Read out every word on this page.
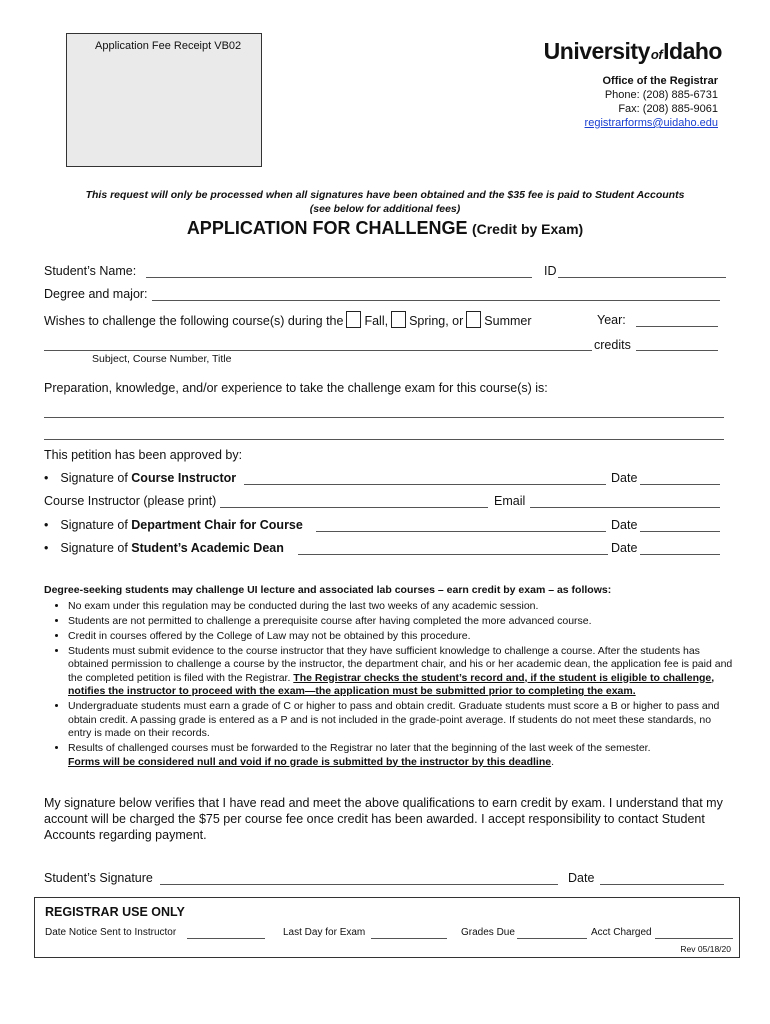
Application Fee Receipt VB02	UniversityofIdaho
Office of the Registrar
Phone: (208) 885-6731
Fax: (208) 885-9061
registrarforms@uidaho.edu
This request will only be processed when all signatures have been obtained and the $35 fee is paid to Student Accounts
(see below for additional fees)
APPLICATION FOR CHALLENGE (Credit by Exam)
Student’s Name:	ID
Degree and major:
Wishes to challenge the following course(s) during the Fall, Spring, or Summer	Year:
credits
Subject, Course Number, Title
Preparation, knowledge, and/or experience to take the challenge exam for this course(s) is:
This petition has been approved by:
• Signature of Course Instructor	Date
Course Instructor (please print)	Email
• Signature of Department Chair for Course	Date
• Signature of Student’s Academic Dean	Date
Degree-seeking students may challenge UI lecture and associated lab courses – earn credit by exam – as follows:
• No exam under this regulation may be conducted during the last two weeks of any academic session.
• Students are not permitted to challenge a prerequisite course after having completed the more advanced course.
• Credit in courses offered by the College of Law may not be obtained by this procedure.
• Students must submit evidence to the course instructor that they have sufficient knowledge to challenge a course. After the students has obtained permission to challenge a course by the instructor, the department chair, and his or her academic dean, the application fee is paid and the completed petition is filed with the Registrar. The Registrar checks the student’s record and, if the student is eligible to challenge, notifies the instructor to proceed with the exam—the application must be submitted prior to completing the exam.
• Undergraduate students must earn a grade of C or higher to pass and obtain credit. Graduate students must score a B or higher to pass and obtain credit. A passing grade is entered as a P and is not included in the grade-point average. If students do not meet these standards, no entry is made on their records.
• Results of challenged courses must be forwarded to the Registrar no later that the beginning of the last week of the semester.
Forms will be considered null and void if no grade is submitted by the instructor by this deadline.
My signature below verifies that I have read and meet the above qualifications to earn credit by exam. I understand that my account will be charged the $75 per course fee once credit has been awarded. I accept responsibility to contact Student Accounts regarding payment.
Student’s Signature	Date
REGISTRAR USE ONLY
Date Notice Sent to Instructor	Last Day for Exam	Grades Due	Acct Charged
Rev 05/18/20
